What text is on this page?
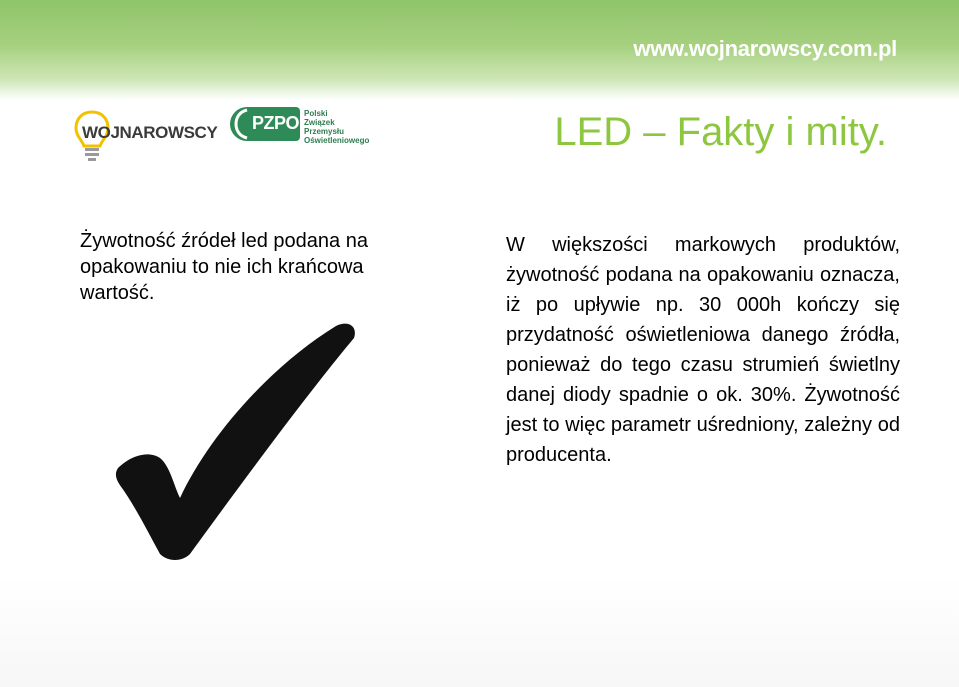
www.wojnarowscy.com.pl
WOJNAROWSCY PZPO Polski
Związek
Przemysłu
Oświetleniowego	LED – Fakty i mity.
Żywotność źródeł led podana na opakowaniu to nie ich krańcowa wartość.
W większości markowych produktów, żywotność podana na opakowaniu oznacza, iż po upływie np. 30 000h kończy się przydatność oświetleniowa danego źródła, ponieważ do tego czasu strumień świetlny danej diody spadnie o ok. 30%. Żywotność jest to więc parametr uśredniony, zależny od producenta.
